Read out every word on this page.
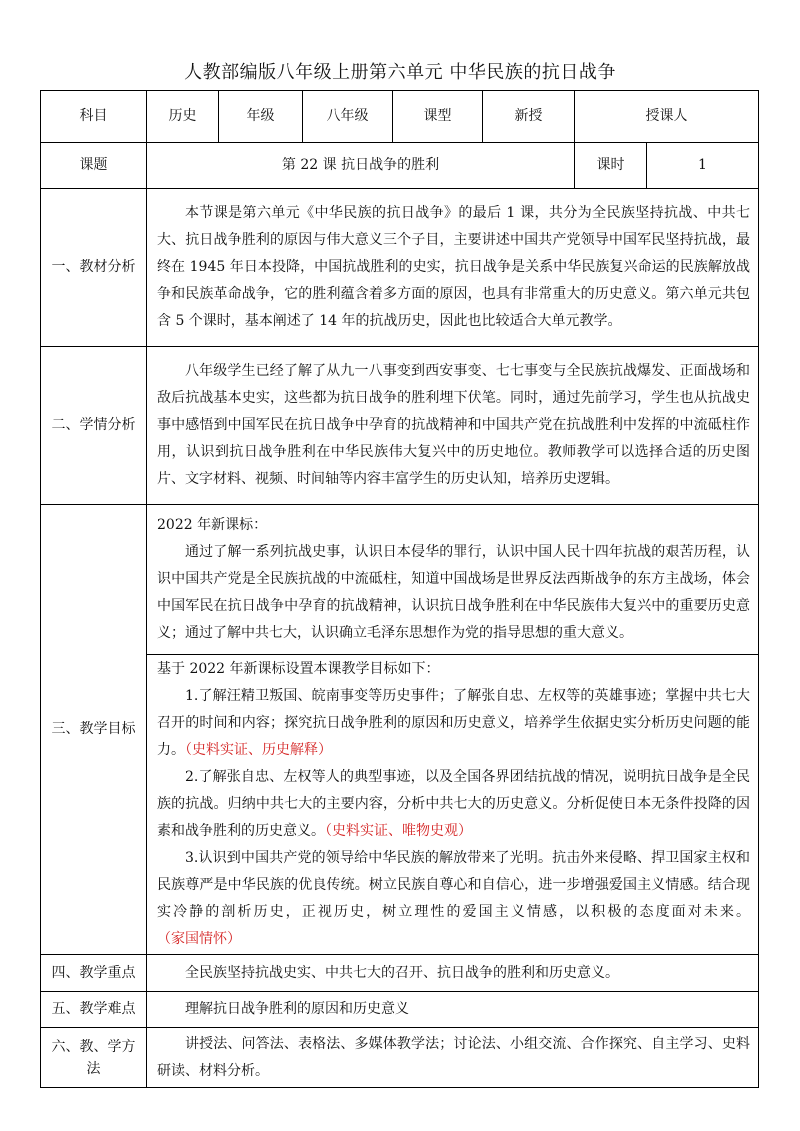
人教部编版八年级上册第六单元 中华民族的抗日战争
科目	历史	年级	八年级	课型	新授	授课人	
课题	第 22 课 抗日战争的胜利					课时	1
一、教材分析	本节课是第六单元《中华民族的抗日战争》的最后 1 课，共分为全民族坚持抗战、中共七大、抗日战争胜利的原因与伟大意义三个子目，主要讲述中国共产党领导中国军民坚持抗战，最终在 1945 年日本投降，中国抗战胜利的史实，抗日战争是关系中华民族复兴命运的民族解放战争和民族革命战争，它的胜利蕴含着多方面的原因，也具有非常重大的历史意义。第六单元共包含 5 个课时，基本阐述了 14 年的抗战历史，因此也比较适合大单元教学。						

二、学情分析	八年级学生已经了解了从九一八事变到西安事变、七七事变与全民族抗战爆发、正面战场和敌后抗战基本史实，这些都为抗日战争的胜利埋下伏笔。同时，通过先前学习，学生也从抗战史事中感悟到中国军民在抗日战争中孕育的抗战精神和中国共产党在抗战胜利中发挥的中流砥柱作用，认识到抗日战争胜利在中华民族伟大复兴中的历史地位。教师教学可以选择合适的历史图片、文字材料、视频、时间轴等内容丰富学生的历史认知，培养历史逻辑。						

三、教学目标	2022 年新课标：

通过了解一系列抗战史事，认识日本侵华的罪行，认识中国人民十四年抗战的艰苦历程，认识中国共产党是全民族抗战的中流砥柱，知道中国战场是世界反法西斯战争的东方主战场，体会中国军民在抗日战争中孕育的抗战精神，认识抗日战争胜利在中华民族伟大复兴中的重要历史意义；通过了解中共七大，认识确立毛泽东思想作为党的指导思想的重大意义。						

	基于 2022 年新课标设置本课教学目标如下：

1.了解汪精卫叛国、皖南事变等历史事件；了解张自忠、左权等的英雄事迹；掌握中共七大召开的时间和内容；探究抗日战争胜利的原因和历史意义，培养学生依据史实分析历史问题的能力。（史料实证、历史解释）

2.了解张自忠、左权等人的典型事迹，以及全国各界团结抗战的情况，说明抗日战争是全民族的抗战。归纳中共七大的主要内容，分析中共七大的历史意义。分析促使日本无条件投降的因素和战争胜利的历史意义。（史料实证、唯物史观）

3.认识到中国共产党的领导给中华民族的解放带来了光明。抗击外来侵略、捍卫国家主权和民族尊严是中华民族的优良传统。树立民族自尊心和自信心，进一步增强爱国主义情感。结合现实冷静的剖析历史，正视历史，树立理性的爱国主义情感，以积极的态度面对未来。（家国情怀）						

四、教学重点	全民族坚持抗战史实、中共七大的召开、抗日战争的胜利和历史意义。						

五、教学难点	理解抗日战争胜利的原因和历史意义						

六、教、学方法	讲授法、问答法、表格法、多媒体教学法；讨论法、小组交流、合作探究、自主学习、史料研读、材料分析。						
